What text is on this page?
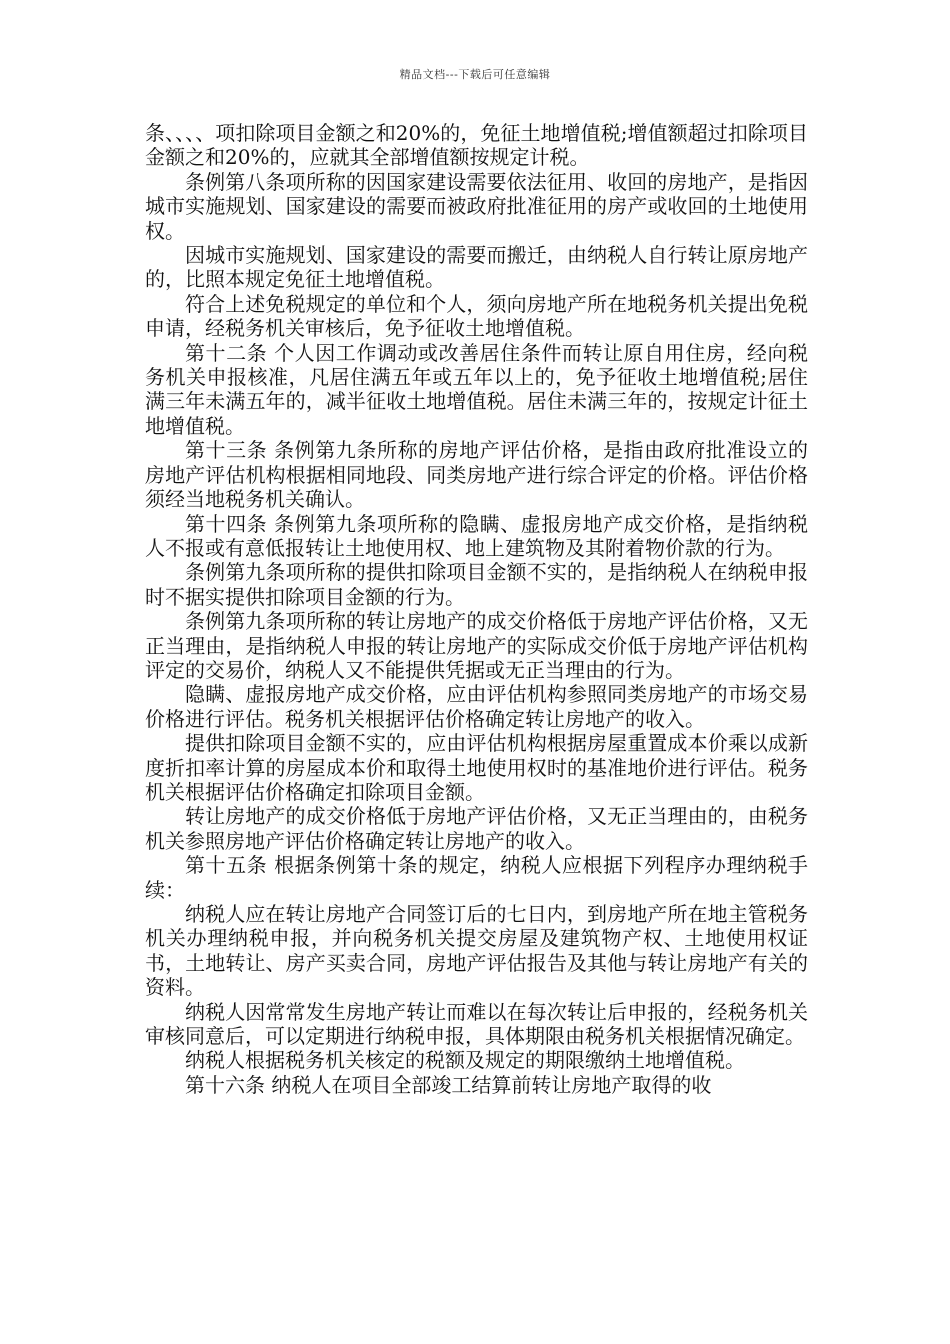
精品文档---下载后可任意编辑

条、、、、项扣除项目金额之和20%的，免征土地增值税;增值额超过扣除项目金额之和20%的，应就其全部增值额按规定计税。

条例第八条项所称的因国家建设需要依法征用、收回的房地产，是指因城市实施规划、国家建设的需要而被政府批准征用的房产或收回的土地使用权。

因城市实施规划、国家建设的需要而搬迁，由纳税人自行转让原房地产的，比照本规定免征土地增值税。

符合上述免税规定的单位和个人，须向房地产所在地税务机关提出免税申请，经税务机关审核后，免予征收土地增值税。

第十二条 个人因工作调动或改善居住条件而转让原自用住房，经向税务机关申报核准，凡居住满五年或五年以上的，免予征收土地增值税;居住满三年未满五年的，减半征收土地增值税。居住未满三年的，按规定计征土地增值税。

第十三条 条例第九条所称的房地产评估价格，是指由政府批准设立的房地产评估机构根据相同地段、同类房地产进行综合评定的价格。评估价格须经当地税务机关确认。

第十四条 条例第九条项所称的隐瞒、虚报房地产成交价格，是指纳税人不报或有意低报转让土地使用权、地上建筑物及其附着物价款的行为。

条例第九条项所称的提供扣除项目金额不实的，是指纳税人在纳税申报时不据实提供扣除项目金额的行为。

条例第九条项所称的转让房地产的成交价格低于房地产评估价格，又无正当理由，是指纳税人申报的转让房地产的实际成交价低于房地产评估机构评定的交易价，纳税人又不能提供凭据或无正当理由的行为。

隐瞒、虚报房地产成交价格，应由评估机构参照同类房地产的市场交易价格进行评估。税务机关根据评估价格确定转让房地产的收入。

提供扣除项目金额不实的，应由评估机构根据房屋重置成本价乘以成新度折扣率计算的房屋成本价和取得土地使用权时的基准地价进行评估。税务机关根据评估价格确定扣除项目金额。

转让房地产的成交价格低于房地产评估价格，又无正当理由的，由税务机关参照房地产评估价格确定转让房地产的收入。

第十五条 根据条例第十条的规定，纳税人应根据下列程序办理纳税手续：

纳税人应在转让房地产合同签订后的七日内，到房地产所在地主管税务机关办理纳税申报，并向税务机关提交房屋及建筑物产权、土地使用权证书，土地转让、房产买卖合同，房地产评估报告及其他与转让房地产有关的资料。

纳税人因常常发生房地产转让而难以在每次转让后申报的，经税务机关审核同意后，可以定期进行纳税申报，具体期限由税务机关根据情况确定。

纳税人根据税务机关核定的税额及规定的期限缴纳土地增值税。

第十六条 纳税人在项目全部竣工结算前转让房地产取得的收
